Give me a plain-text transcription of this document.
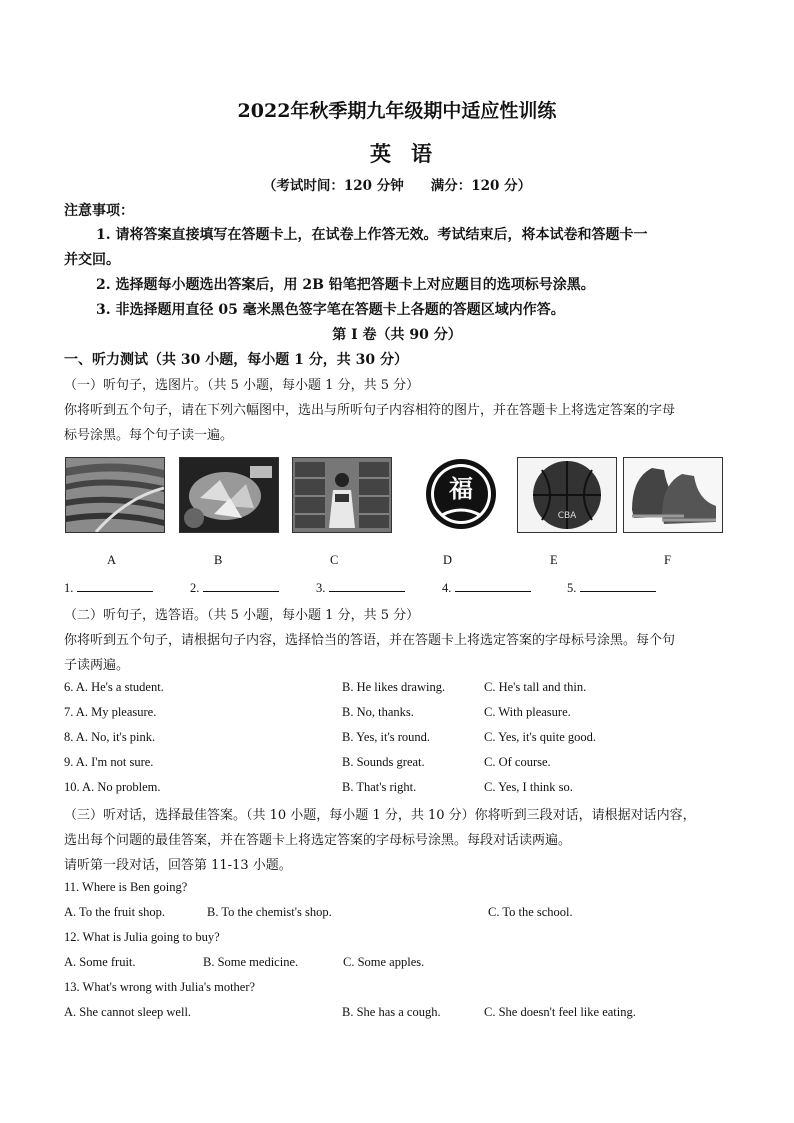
2022年秋季期九年级期中适应性训练
英语
（考试时间：120 分钟　　满分：120 分）
注意事项：
1. 请将答案直接填写在答题卡上，在试卷上作答无效。考试结束后，将本试卷和答题卡一
并交回。
2. 选择题每小题选出答案后，用 2B 铅笔把答题卡上对应题目的选项标号涂黑。
3. 非选择题用直径 05 毫米黑色签字笔在答题卡上各题的答题区域内作答。
第 I 卷（共 90 分）
一、听力测试（共 30 小题，每小题 1 分，共 30 分）
（一）听句子，选图片。（共 5 小题，每小题 1 分，共 5 分）
你将听到五个句子，请在下列六幅图中，选出与所听句子内容相符的图片，并在答题卡上将选定答案的字母
标号涂黑。每个句子读一遍。
福
CBA
A	B	C	D	E	F
1.	2.	3.	4.	5.
（二）听句子，选答语。（共 5 小题，每小题 1 分，共 5 分）
你将听到五个句子，请根据句子内容，选择恰当的答语，并在答题卡上将选定答案的字母标号涂黑。每个句
子读两遍。
6. A. He's a student.	B. He likes drawing.	C. He's tall and thin.
7. A. My pleasure.	B. No, thanks.	C. With pleasure.
8. A. No, it's pink.	B. Yes, it's round.	C. Yes, it's quite good.
9. A. I'm not sure.	B. Sounds great.	C. Of course.
10. A. No problem.	B. That's right.	C. Yes, I think so.
（三）听对话，选择最佳答案。（共 10 小题，每小题 1 分，共 10 分）你将听到三段对话，请根据对话内容，
选出每个问题的最佳答案，并在答题卡上将选定答案的字母标号涂黑。每段对话读两遍。
请听第一段对话，回答第 11-13 小题。
11. Where is Ben going?
A. To the fruit shop.	B. To the chemist's shop.	C. To the school.
12. What is Julia going to buy?
A. Some fruit.	B. Some medicine.	C. Some apples.
13. What's wrong with Julia's mother?
A. She cannot sleep well.	B. She has a cough.	C. She doesn't feel like eating.
